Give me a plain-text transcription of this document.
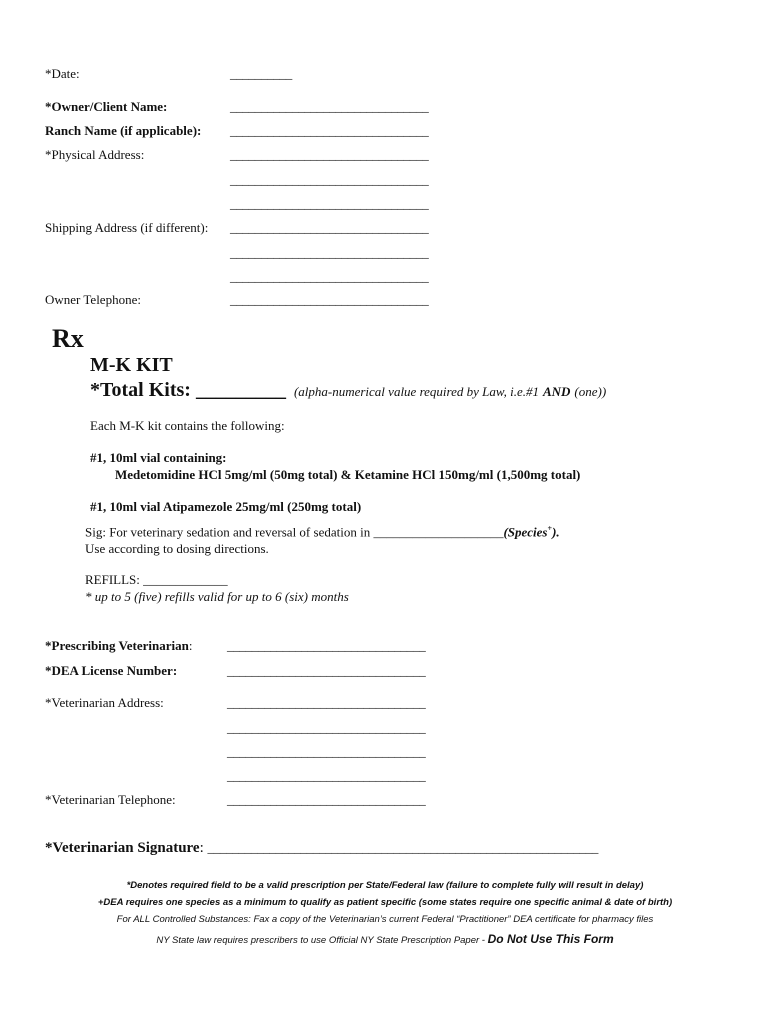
*Date:	__________
*Owner/Client Name:	________________________________
Ranch Name (if applicable): ________________________________
*Physical Address:	________________________________
________________________________
________________________________
Shipping Address (if different): ________________________________
________________________________
________________________________
Owner Telephone:	________________________________
Rx
M-K KIT
*Total Kits: _________ (alpha-numerical value required by Law, i.e.#1 AND (one))
Each M-K kit contains the following:
#1, 10ml vial containing:
Medetomidine HCl 5mg/ml (50mg total) & Ketamine HCl 150mg/ml (1,500mg total)
#1, 10ml vial Atipamezole 25mg/ml (250mg total)
Sig: For veterinary sedation and reversal of sedation in ____________________(Species+).
Use according to dosing directions.
REFILLS: _____________
* up to 5 (five) refills valid for up to 6 (six) months
*Prescribing Veterinarian:	________________________________
*DEA License Number:	________________________________
*Veterinarian Address:	________________________________
________________________________
________________________________
________________________________
*Veterinarian Telephone:	________________________________
*Veterinarian Signature: _______________________________________________________________
*Denotes required field to be a valid prescription per State/Federal law (failure to complete fully will result in delay)
+DEA requires one species as a minimum to qualify as patient specific (some states require one specific animal & date of birth)
For ALL Controlled Substances: Fax a copy of the Veterinarian’s current Federal “Practitioner” DEA certificate for pharmacy files
NY State law requires prescribers to use Official NY State Prescription Paper - Do Not Use This Form
